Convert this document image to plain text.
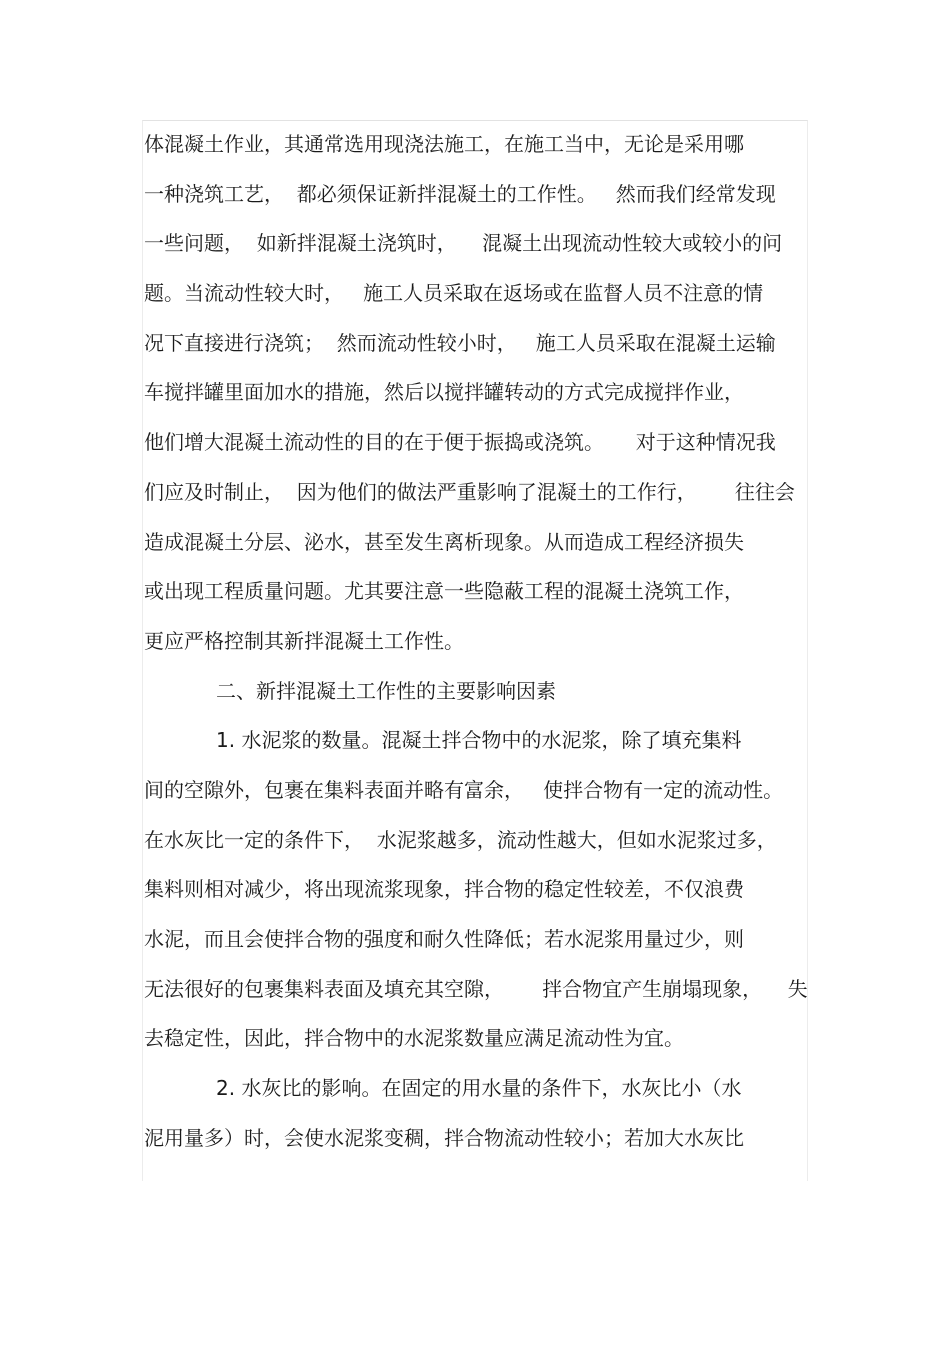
体混凝土作业，其通常选用现浇法施工，在施工当中，无论是采用哪
一种浇筑工艺，  都必须保证新拌混凝土的工作性。   然而我们经常发现
一些问题，  如新拌混凝土浇筑时，    混凝土出现流动性较大或较小的问
题。当流动性较大时，   施工人员采取在返场或在监督人员不注意的情
况下直接进行浇筑；  然而流动性较小时，   施工人员采取在混凝土运输
车搅拌罐里面加水的措施，然后以搅拌罐转动的方式完成搅拌作业，
他们增大混凝土流动性的目的在于便于振捣或浇筑。     对于这种情况我
们应及时制止，  因为他们的做法严重影响了混凝土的工作行，      往往会
造成混凝土分层、泌水，甚至发生离析现象。从而造成工程经济损失
或出现工程质量问题。尤其要注意一些隐蔽工程的混凝土浇筑工作，
更应严格控制其新拌混凝土工作性。
二、新拌混凝土工作性的主要影响因素
1. 水泥浆的数量。混凝土拌合物中的水泥浆，除了填充集料
间的空隙外，包裹在集料表面并略有富余，   使拌合物有一定的流动性。
在水灰比一定的条件下，  水泥浆越多，流动性越大，但如水泥浆过多，
集料则相对减少，将出现流浆现象，拌合物的稳定性较差，不仅浪费
水泥，而且会使拌合物的强度和耐久性降低；若水泥浆用量过少，则
无法很好的包裹集料表面及填充其空隙，      拌合物宜产生崩塌现象，    失
去稳定性，因此，拌合物中的水泥浆数量应满足流动性为宜。
2. 水灰比的影响。在固定的用水量的条件下，水灰比小（水
泥用量多）时，会使水泥浆变稠，拌合物流动性较小；若加大水灰比
